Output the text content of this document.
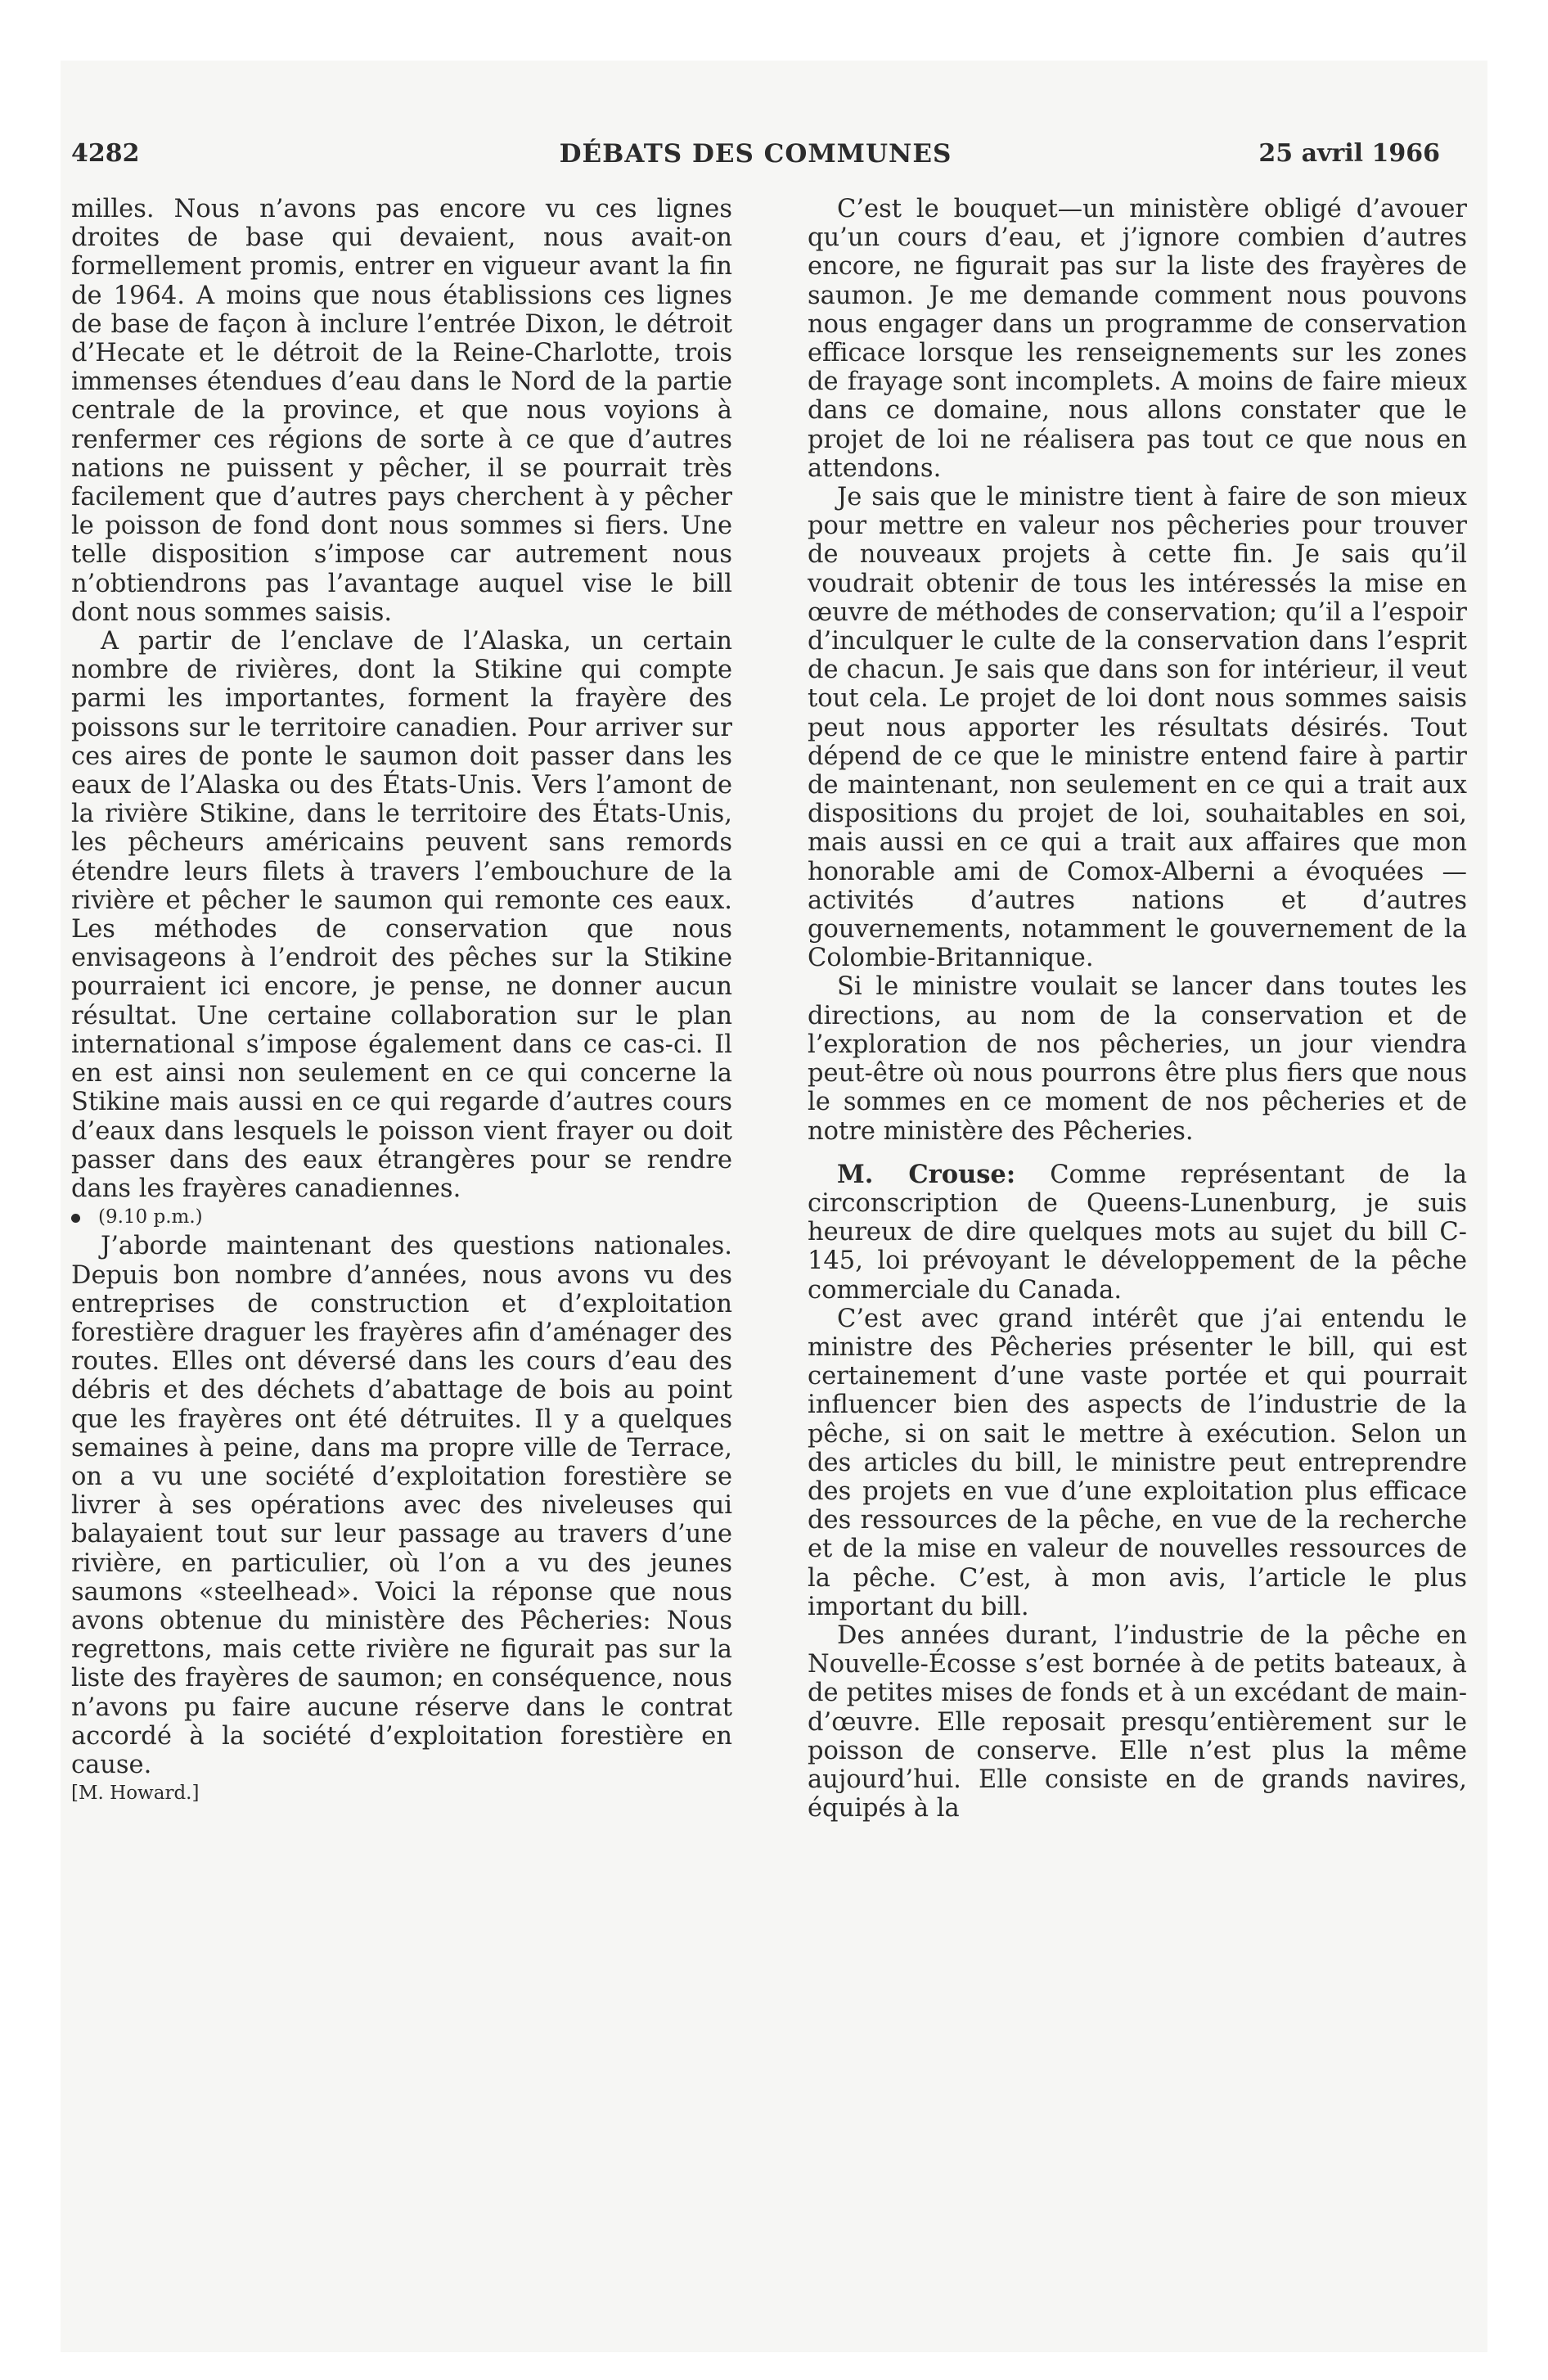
4282	DÉBATS DES COMMUNES	25 avril 1966

milles. Nous n’avons pas encore vu ces lignes droites de base qui devaient, nous avait-on formellement promis, entrer en vigueur avant la fin de 1964. A moins que nous établissions ces lignes de base de façon à inclure l’entrée Dixon, le détroit d’Hecate et le détroit de la Reine-Charlotte, trois immenses étendues d’eau dans le Nord de la partie centrale de la province, et que nous voyions à renfermer ces régions de sorte à ce que d’autres nations ne puissent y pêcher, il se pourrait très facilement que d’autres pays cherchent à y pêcher le poisson de fond dont nous sommes si fiers. Une telle disposition s’impose car autrement nous n’obtiendrons pas l’avantage auquel vise le bill dont nous sommes saisis.

A partir de l’enclave de l’Alaska, un certain nombre de rivières, dont la Stikine qui compte parmi les importantes, forment la frayère des poissons sur le territoire canadien. Pour arriver sur ces aires de ponte le saumon doit passer dans les eaux de l’Alaska ou des États-Unis. Vers l’amont de la rivière Stikine, dans le territoire des États-Unis, les pêcheurs américains peuvent sans remords étendre leurs filets à travers l’embouchure de la rivière et pêcher le saumon qui remonte ces eaux. Les méthodes de conservation que nous envisageons à l’endroit des pêches sur la Stikine pourraient ici encore, je pense, ne donner aucun résultat. Une certaine collaboration sur le plan international s’impose également dans ce cas-ci. Il en est ainsi non seulement en ce qui concerne la Stikine mais aussi en ce qui regarde d’autres cours d’eaux dans lesquels le poisson vient frayer ou doit passer dans des eaux étrangères pour se rendre dans les frayères canadiennes.

(9.10 p.m.)

J’aborde maintenant des questions nationales. Depuis bon nombre d’années, nous avons vu des entreprises de construction et d’exploitation forestière draguer les frayères afin d’aménager des routes. Elles ont déversé dans les cours d’eau des débris et des déchets d’abattage de bois au point que les frayères ont été détruites. Il y a quelques semaines à peine, dans ma propre ville de Terrace, on a vu une société d’exploitation forestière se livrer à ses opérations avec des niveleuses qui balayaient tout sur leur passage au travers d’une rivière, en particulier, où l’on a vu des jeunes saumons «steelhead». Voici la réponse que nous avons obtenue du ministère des Pêcheries: Nous regrettons, mais cette rivière ne figurait pas sur la liste des frayères de saumon; en conséquence, nous n’avons pu faire aucune réserve dans le contrat accordé à la société d’exploitation forestière en cause.

[M. Howard.]

C’est le bouquet—un ministère obligé d’avouer qu’un cours d’eau, et j’ignore combien d’autres encore, ne figurait pas sur la liste des frayères de saumon. Je me demande comment nous pouvons nous engager dans un programme de conservation efficace lorsque les renseignements sur les zones de frayage sont incomplets. A moins de faire mieux dans ce domaine, nous allons constater que le projet de loi ne réalisera pas tout ce que nous en attendons.

Je sais que le ministre tient à faire de son mieux pour mettre en valeur nos pêcheries pour trouver de nouveaux projets à cette fin. Je sais qu’il voudrait obtenir de tous les intéressés la mise en œuvre de méthodes de conservation; qu’il a l’espoir d’inculquer le culte de la conservation dans l’esprit de chacun. Je sais que dans son for intérieur, il veut tout cela. Le projet de loi dont nous sommes saisis peut nous apporter les résultats désirés. Tout dépend de ce que le ministre entend faire à partir de maintenant, non seulement en ce qui a trait aux dispositions du projet de loi, souhaitables en soi, mais aussi en ce qui a trait aux affaires que mon honorable ami de Comox-Alberni a évoquées —activités d’autres nations et d’autres gouvernements, notamment le gouvernement de la Colombie-Britannique.

Si le ministre voulait se lancer dans toutes les directions, au nom de la conservation et de l’exploration de nos pêcheries, un jour viendra peut-être où nous pourrons être plus fiers que nous le sommes en ce moment de nos pêcheries et de notre ministère des Pêcheries.

M. Crouse: Comme représentant de la circonscription de Queens-Lunenburg, je suis heureux de dire quelques mots au sujet du bill C-145, loi prévoyant le développement de la pêche commerciale du Canada.

C’est avec grand intérêt que j’ai entendu le ministre des Pêcheries présenter le bill, qui est certainement d’une vaste portée et qui pourrait influencer bien des aspects de l’industrie de la pêche, si on sait le mettre à exécution. Selon un des articles du bill, le ministre peut entreprendre des projets en vue d’une exploitation plus efficace des ressources de la pêche, en vue de la recherche et de la mise en valeur de nouvelles ressources de la pêche. C’est, à mon avis, l’article le plus important du bill.

Des années durant, l’industrie de la pêche en Nouvelle-Écosse s’est bornée à de petits bateaux, à de petites mises de fonds et à un excédant de main-d’œuvre. Elle reposait presqu’entièrement sur le poisson de conserve. Elle n’est plus la même aujourd’hui. Elle consiste en de grands navires, équipés à la
